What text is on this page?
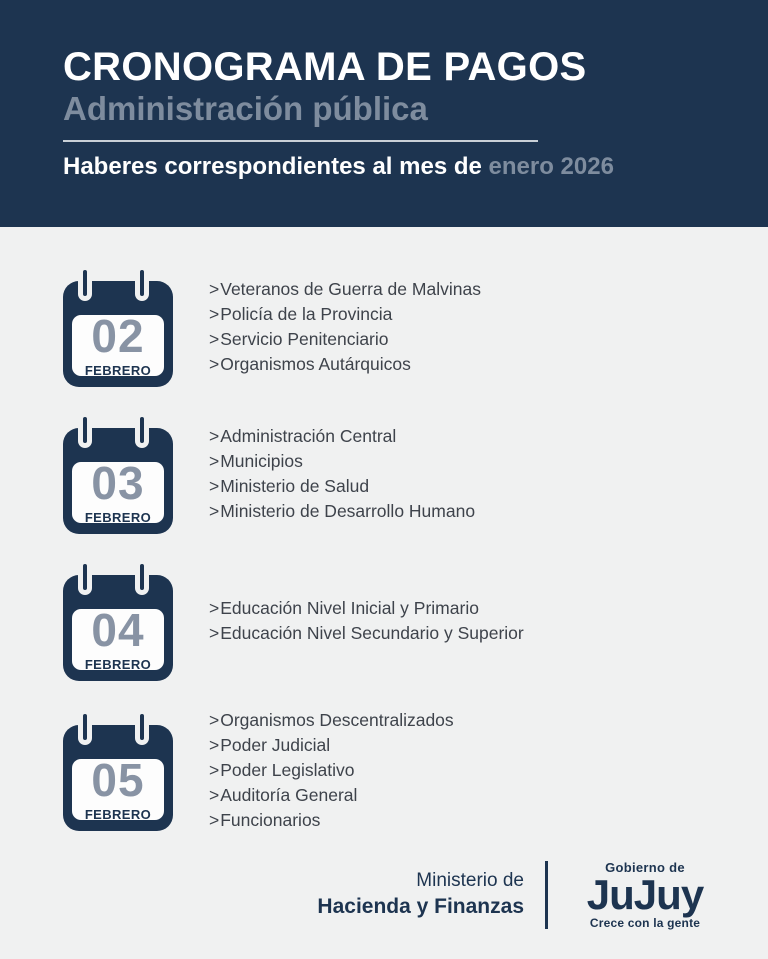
CRONOGRAMA DE PAGOS
Administración pública
Haberes correspondientes al mes de enero 2026
02
FEBRERO
> Veteranos de Guerra de Malvinas
> Policía de la Provincia
> Servicio Penitenciario
> Organismos Autárquicos
03
FEBRERO
> Administración Central
> Municipios
> Ministerio de Salud
> Ministerio de Desarrollo Humano
04
FEBRERO
> Educación Nivel Inicial y Primario
> Educación Nivel Secundario y Superior
05
FEBRERO
> Organismos Descentralizados
> Poder Judicial
> Poder Legislativo
> Auditoría General
> Funcionarios
Ministerio de
Hacienda y Finanzas
Gobierno de
JuJuy
Crece con la gente
